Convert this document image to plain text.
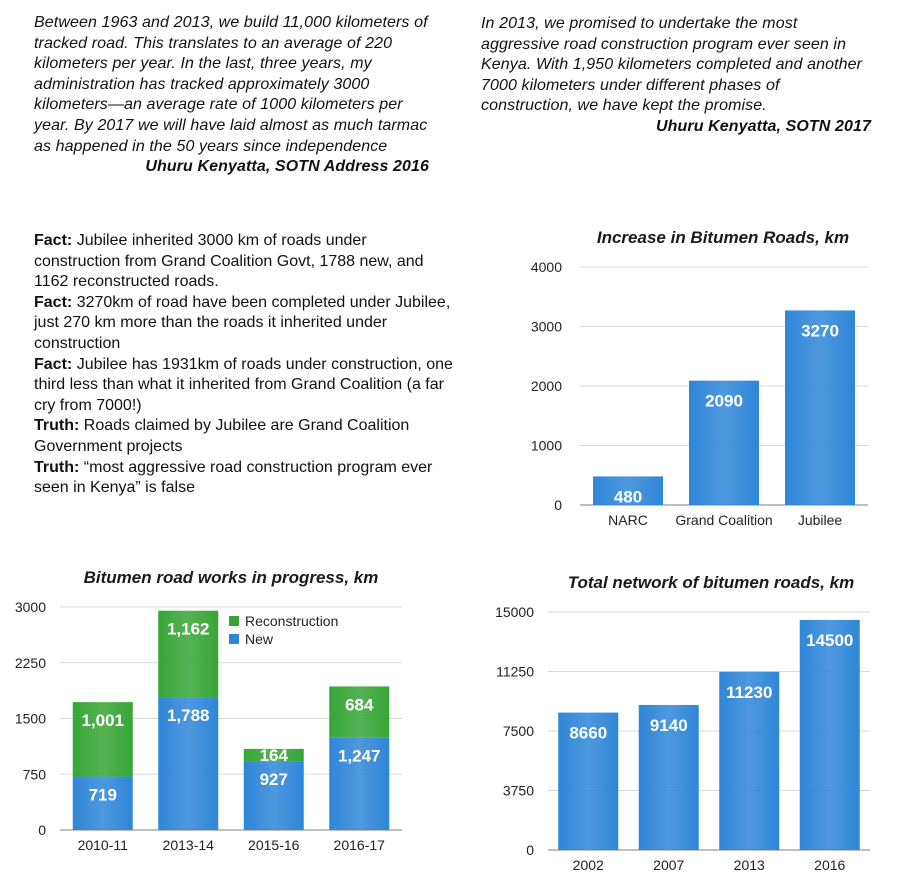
Between 1963 and 2013, we build 11,000 kilometers of tracked road. This translates to an average of 220 kilometers per year. In the last, three years, my administration has tracked approximately 3000 kilometers—an average rate of 1000 kilometers per year. By 2017 we will have laid almost as much tarmac as happened in the 50 years since independence

Uhuru Kenyatta, SOTN Address 2016

In 2013, we promised to undertake the most aggressive road construction program ever seen in Kenya. With 1,950 kilometers completed and another 7000 kilometers under different phases of construction, we have kept the promise.

Uhuru Kenyatta, SOTN 2017

Fact: Jubilee inherited 3000 km of roads under construction from Grand Coalition Govt, 1788 new, and 1162 reconstructed roads.
Fact: 3270km of road have been completed under Jubilee, just 270 km more than the roads it inherited under construction
Fact: Jubilee has 1931km of roads under construction, one third less than what it inherited from Grand Coalition (a far cry from 7000!)
Truth: Roads claimed by Jubilee are Grand Coalition Government projects
Truth: “most aggressive road construction program ever seen in Kenya” is false
Increase in Bitumen Roads, km
0
1000
2000
3000
4000
NARC Grand Coalition Jubilee
480
2090
3270
Bitumen road works in progress, km
0
750
1500
2250
3000
2010-11 2013-14 2015-16 2016-17
719
1,788
927
1,247
1,001
1,162
164
684
Reconstruction
New
Total network of bitumen roads, km
0
3750
7500
11250
15000
2002	2007	2013	2016
8660	9140
11230
14500
